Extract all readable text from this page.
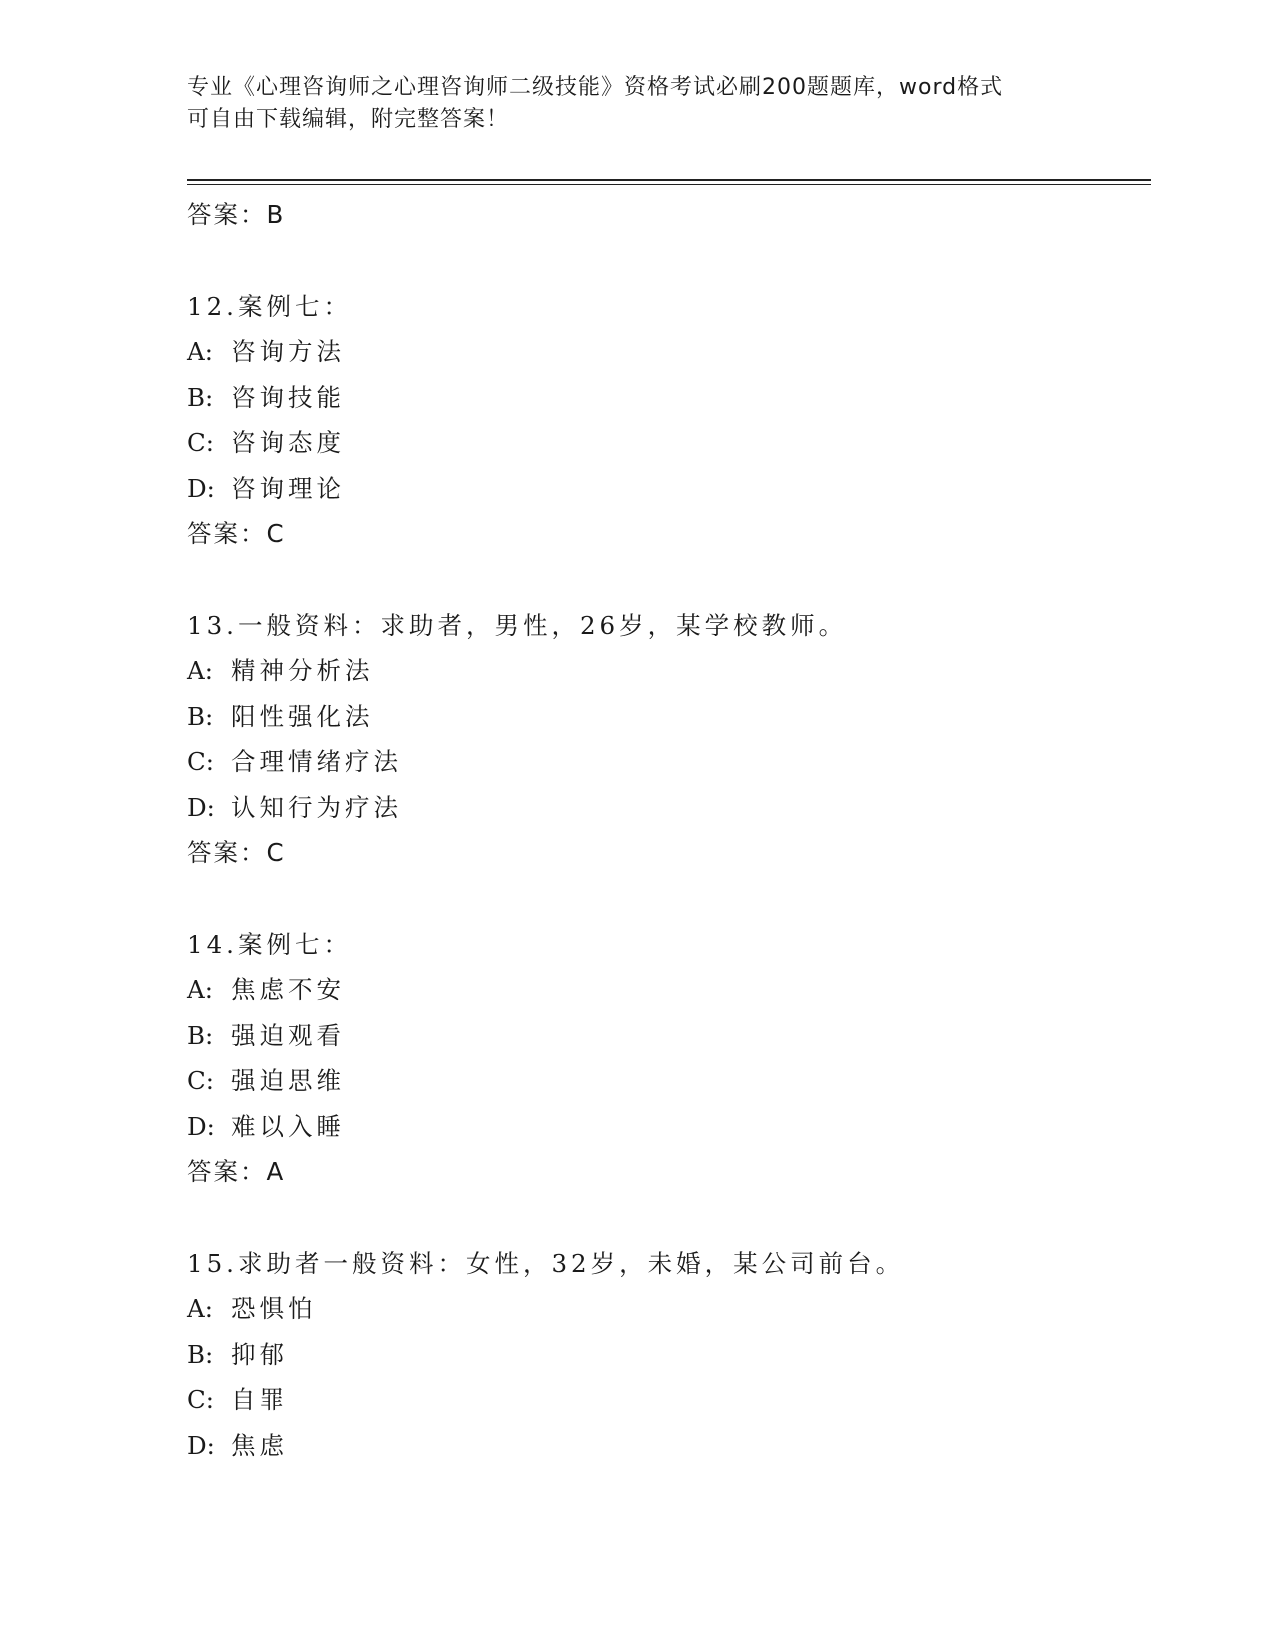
专业《心理咨询师之心理咨询师二级技能》资格考试必刷200题题库，word格式
可自由下载编辑，附完整答案！
答案：B
12.案例七：
A: 咨询方法
B: 咨询技能
C: 咨询态度
D: 咨询理论
答案：C
13.一般资料：求助者，男性，26岁，某学校教师。
A: 精神分析法
B: 阳性强化法
C: 合理情绪疗法
D: 认知行为疗法
答案：C
14.案例七：
A: 焦虑不安
B: 强迫观看
C: 强迫思维
D: 难以入睡
答案：A
15.求助者一般资料：女性，32岁，未婚，某公司前台。
A: 恐惧怕
B: 抑郁
C: 自罪
D: 焦虑
